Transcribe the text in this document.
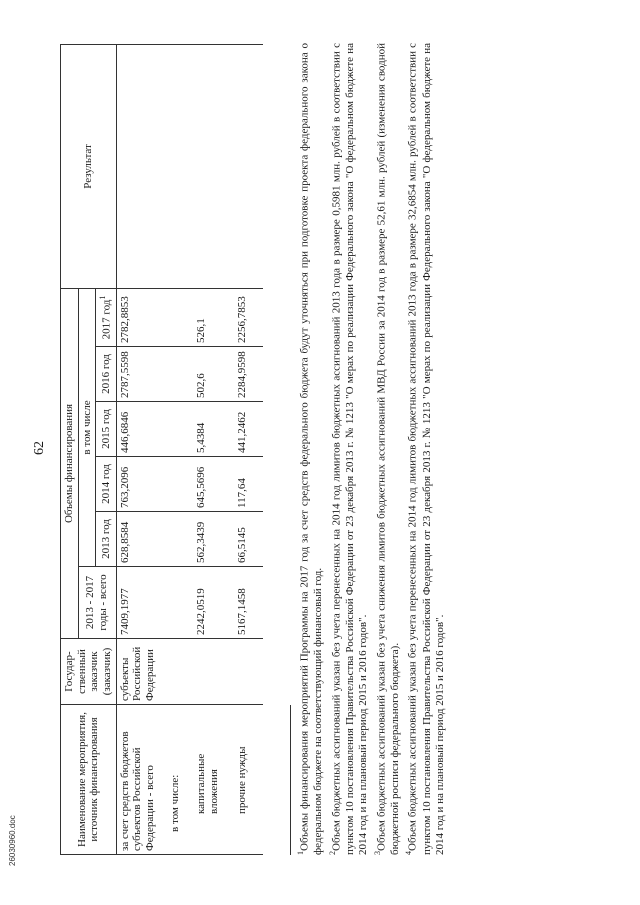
62
Наименование мероприятия, источник финансирования	Государ-ственный заказчик (заказчик)	Объемы финансирования						Результат
		2013 - 2017 годы - всего	в том числе					
			2013 год	2014 год	2015 год	2016 год	2017 год$^1$
за счет средств бюджетов субъектов Российской Федерации - всего	субъекты Российской Федерации	7409,1977	628,8584	763,2096	446,6846	2787,5598	2782,8853	
в том числе:								
капитальные вложения		2242,0519	562,3439	645,5696	5,4384	502,6	526,1	
прочие нужды		5167,1458	66,5145	117,64	441,2462	2284,9598	2256,7853	

$^1$Объемы финансирования мероприятий Программы на 2017 год за счет средств федерального бюджета будут уточняться при подготовке проекта федерального закона о федеральном бюджете на соответствующий финансовый год. $^2$Объем бюджетных ассигнований указан без учета перенесенных на 2014 год лимитов бюджетных ассигнований 2013 года в размере 0,5981 млн. рублей в соответствии с пунктом 10 постановления Правительства Российской Федерации от 23 декабря 2013 г. № 1213 "О мерах по реализации Федерального закона "О федеральном бюджете на 2014 год и на плановый период 2015 и 2016 годов". $^3$Объем бюджетных ассигнований указан без учета снижения лимитов бюджетных ассигнований МВД России за 2014 год в размере 52,61 млн. рублей (изменения сводной бюджетной росписи федерального бюджета). $^4$Объем бюджетных ассигнований указан без учета перенесенных на 2014 год лимитов бюджетных ассигнований 2013 года в размере 32,6854 млн. рублей в соответствии с пунктом 10 постановления Правительства Российской Федерации от 23 декабря 2013 г. № 1213 "О мерах по реализации Федерального закона "О федеральном бюджете на 2014 год и на плановый период 2015 и 2016 годов".

26030960.doc
